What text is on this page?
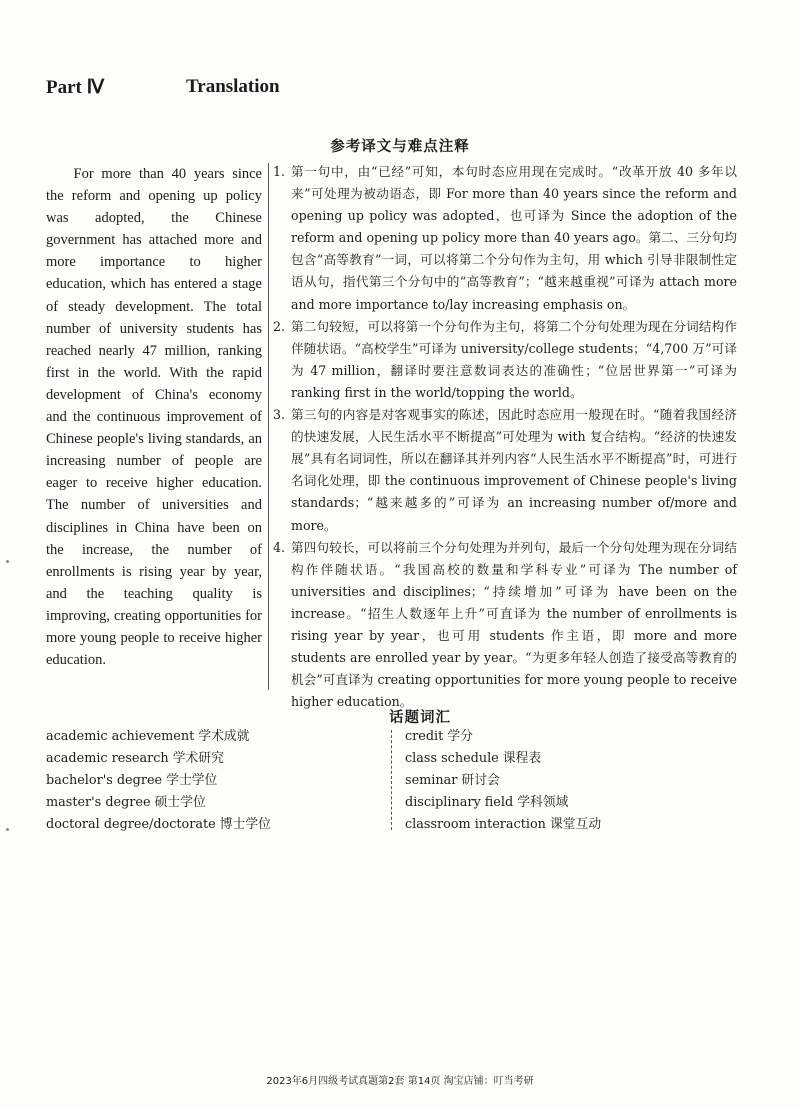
Part Ⅳ	Translation
参考译文与难点注释

For more than 40 years since the reform and opening up policy was adopted, the Chinese government has attached more and more importance to higher education, which has entered a stage of steady development. The total number of university students has reached nearly 47 million, ranking first in the world. With the rapid development of China's economy and the continuous improvement of Chinese people's living standards, an increasing number of people are eager to receive higher education. The number of universities and disciplines in China have been on the increase, the number of enrollments is rising year by year, and the teaching quality is improving, creating opportunities for more young people to receive higher education.

1. 第一句中，由“已经”可知，本句时态应用现在完成时。“改革开放 40 多年以来”可处理为被动语态，即 For more than 40 years since the reform and opening up policy was adopted，也可译为 Since the adoption of the reform and opening up policy more than 40 years ago。第二、三分句均包含“高等教育”一词，可以将第二个分句作为主句，用 which 引导非限制性定语从句，指代第三个分句中的“高等教育”；“越来越重视”可译为 attach more and more importance to/lay increasing emphasis on。
2. 第二句较短，可以将第一个分句作为主句，将第二个分句处理为现在分词结构作伴随状语。“高校学生”可译为 university/college students；“4,700 万”可译为 47 million，翻译时要注意数词表达的准确性；“位居世界第一”可译为 ranking first in the world/topping the world。
3. 第三句的内容是对客观事实的陈述，因此时态应用一般现在时。“随着我国经济的快速发展，人民生活水平不断提高”可处理为 with 复合结构。“经济的快速发展”具有名词词性，所以在翻译其并列内容“人民生活水平不断提高”时，可进行名词化处理，即 the continuous improvement of Chinese people's living standards；“越来越多的”可译为 an increasing number of/more and more。
4. 第四句较长，可以将前三个分句处理为并列句，最后一个分句处理为现在分词结构作伴随状语。“我国高校的数量和学科专业”可译为 The number of universities and disciplines；“持续增加”可译为 have been on the increase。“招生人数逐年上升”可直译为 the number of enrollments is rising year by year，也可用 students 作主语，即 more and more students are enrolled year by year。“为更多年轻人创造了接受高等教育的机会”可直译为 creating opportunities for more young people to receive higher education。
话题词汇
academic achievement 学术成就
academic research 学术研究
bachelor's degree 学士学位
master's degree 硕士学位
doctoral degree/doctorate 博士学位
credit 学分
class schedule 课程表
seminar 研讨会
disciplinary field 学科领域
classroom interaction 课堂互动
2023年6月四级考试真题第2套 第14页 淘宝店铺：叮当考研
